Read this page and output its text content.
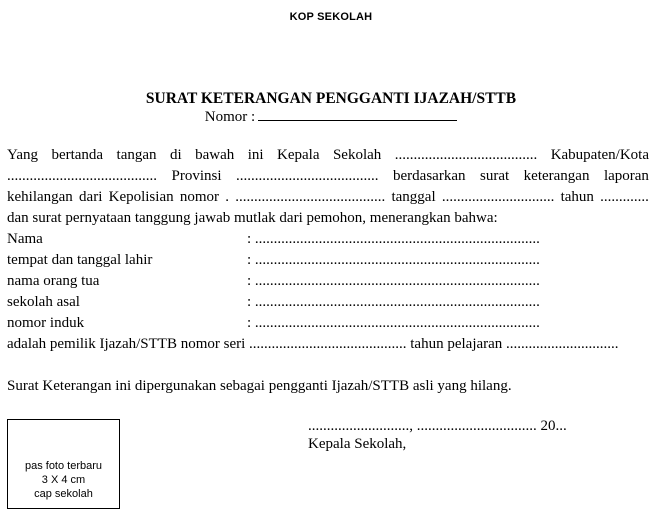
KOP SEKOLAH
SURAT KETERANGAN PENGGANTI IJAZAH/STTB
Nomor :
Yang bertanda tangan di bawah ini Kepala Sekolah ...................................... Kabupaten/Kota
........................................ Provinsi ...................................... berdasarkan surat keterangan laporan
kehilangan dari Kepolisian nomor . ........................................ tanggal .............................. tahun .............
dan surat pernyataan tanggung jawab mutlak dari pemohon, menerangkan bahwa:
Nama	: ............................................................................
tempat dan tanggal lahir	: ............................................................................
nama orang tua	: ............................................................................
sekolah asal	: ............................................................................
nomor induk	: ............................................................................
adalah pemilik Ijazah/STTB nomor seri .......................................... tahun pelajaran ..............................
Surat Keterangan ini dipergunakan sebagai pengganti Ijazah/STTB asli yang hilang.
pas foto terbaru
3 X 4 cm
cap sekolah
..........................., ................................ 20...
Kepala Sekolah,
